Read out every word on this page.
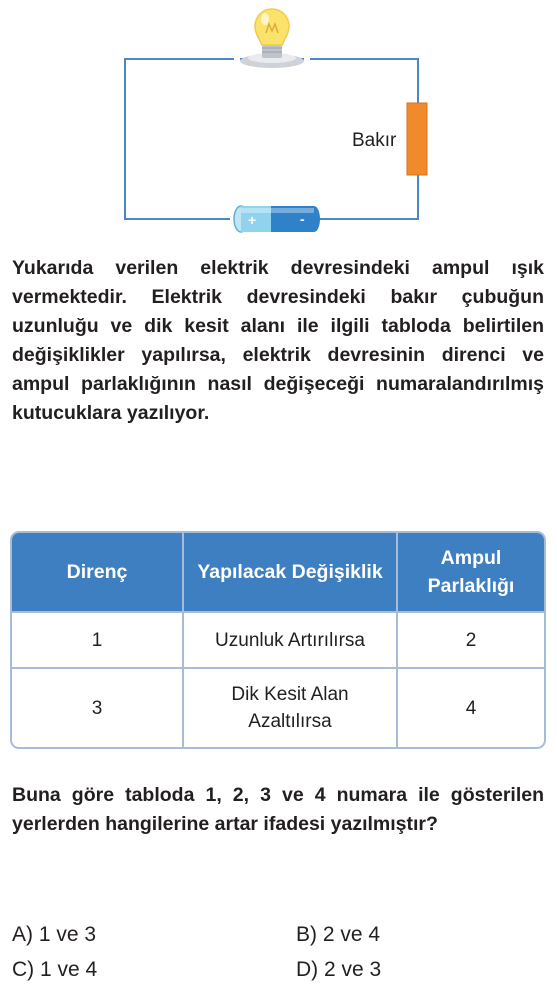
Bakır
+	-

Yukarıda verilen elektrik devresindeki ampul ışık vermektedir. Elektrik devresindeki bakır çubuğun uzunluğu ve dik kesit alanı ile ilgili tabloda belirtilen değişiklikler yapılırsa, elektrik devresinin direnci ve ampul parlaklığının nasıl değişeceği numaralandırılmış kutucuklara yazılıyor.

Direnç	Yapılacak Değişiklik	Ampul Parlaklığı
1	Uzunluk Artırılırsa	2
3	Dik Kesit Alan Azaltılırsa	4

Buna göre tabloda 1, 2, 3 ve 4 numara ile gösterilen yerlerden hangilerine artar ifadesi yazılmıştır?

A) 1 ve 3	B) 2 ve 4
C) 1 ve 4	D) 2 ve 3
